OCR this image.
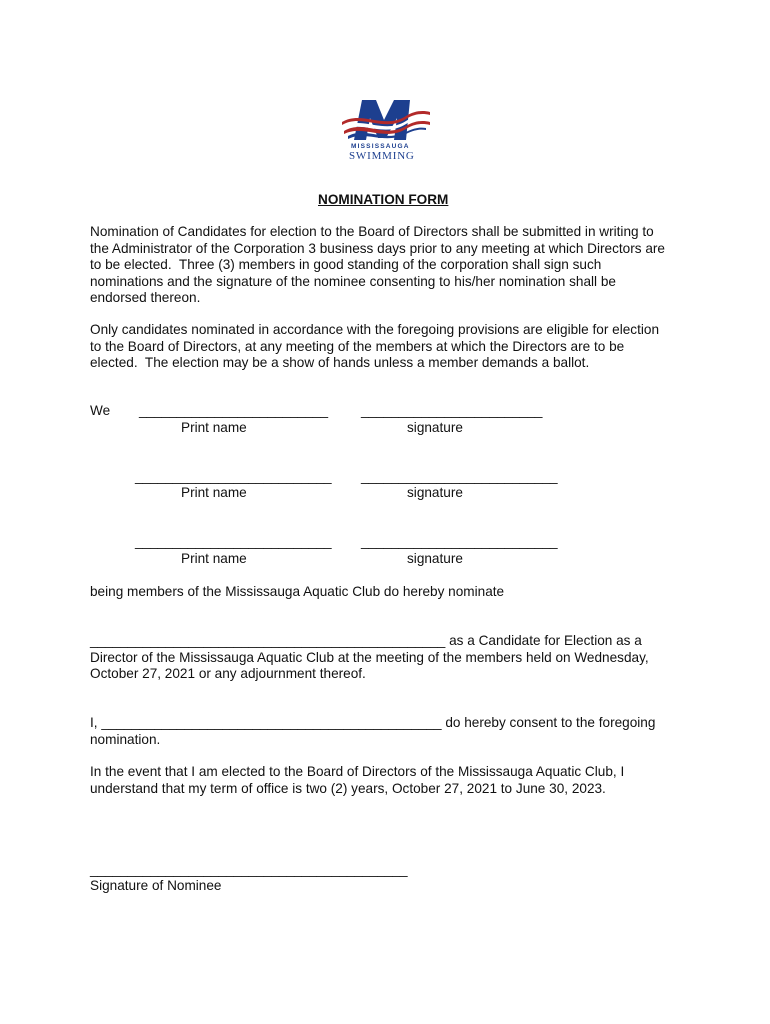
MISSISSAUGA
SWIMMING
NOMINATION FORM
Nomination of Candidates for election to the Board of Directors shall be submitted in writing to
the Administrator of the Corporation 3 business days prior to any meeting at which Directors are
to be elected.  Three (3) members in good standing of the corporation shall sign such
nominations and the signature of the nominee consenting to his/her nomination shall be
endorsed thereon.
Only candidates nominated in accordance with the foregoing provisions are eligible for election
to the Board of Directors, at any meeting of the members at which the Directors are to be
elected.  The election may be a show of hands unless a member demands a ballot.
We _________________________
Print name
________________________
signature
__________________________
Print name
__________________________
signature
__________________________
Print name
__________________________
signature
being members of the Mississauga Aquatic Club do hereby nominate
_______________________________________________ as a Candidate for Election as a
Director of the Mississauga Aquatic Club at the meeting of the members held on Wednesday,
October 27, 2021 or any adjournment thereof.
I, _____________________________________________ do hereby consent to the foregoing
nomination.
In the event that I am elected to the Board of Directors of the Mississauga Aquatic Club, I
understand that my term of office is two (2) years, October 27, 2021 to June 30, 2023.
__________________________________________
Signature of Nominee
